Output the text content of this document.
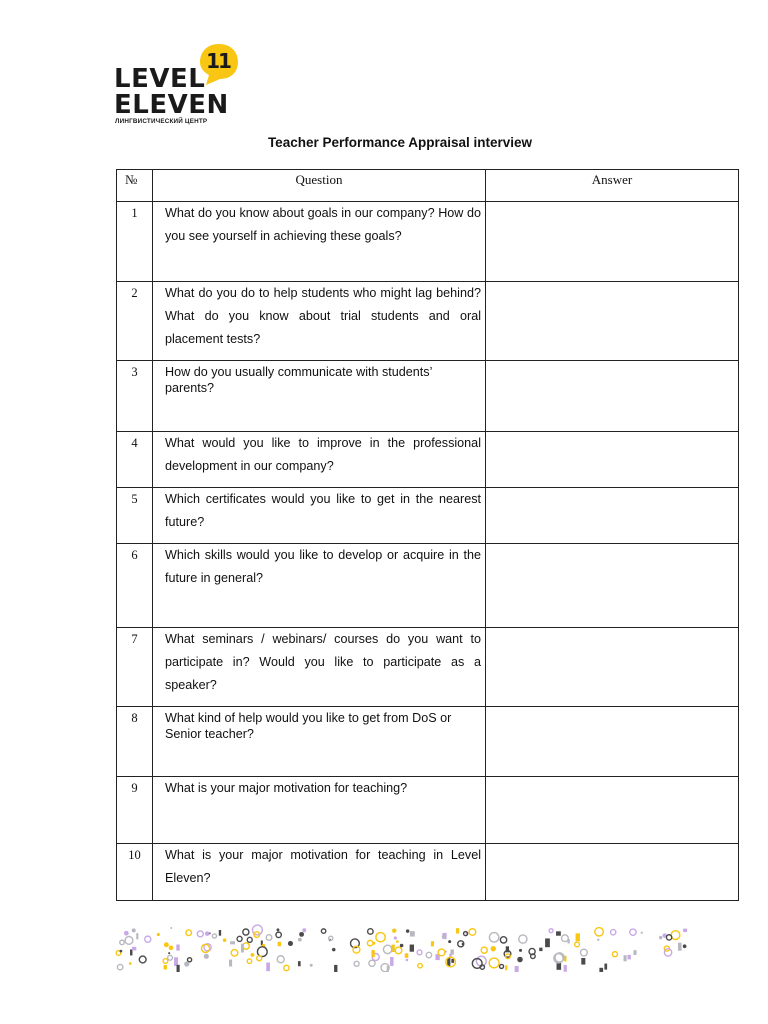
11
LEVEL
ELEVEN
ЛИНГВИСТИЧЕСКИЙ ЦЕНТР
Teacher Performance Appraisal interview
№	Question	Answer
1	What do you know about goals in our company? How do you see yourself in achieving these goals?	
2	What do you do to help students who might lag behind? What do you know about trial students and oral placement tests?	
3	How do you usually communicate with students’ parents?	
4	What would you like to improve in the professional development in our company?	
5	Which certificates would you like to get in the nearest future?	
6	Which skills would you like to develop or acquire in the future in general?	
7	What seminars / webinars/ courses do you want to participate in? Would you like to participate as a speaker?	
8	What kind of help would you like to get from DoS or Senior teacher?	
9	What is your major motivation for teaching?	
10	What is your major motivation for teaching in Level Eleven?	
